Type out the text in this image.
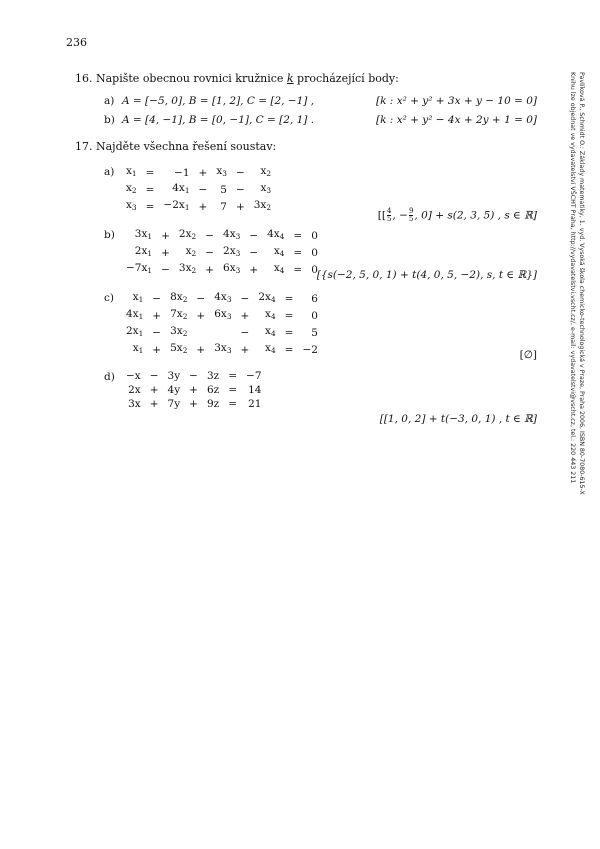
236
16. Napište obecnou rovnici kružnice k procházející body:
a) A = [−5, 0], B = [1, 2], C = [2, −1] ,	[k : x² + y² + 3x + y − 10 = 0]
b) A = [4, −1], B = [0, −1], C = [2, 1] .	[k : x² + y² − 4x + 2y + 1 = 0]
17. Najděte všechna řešení soustav:
a) $x_1$	=	−1	+	$x_3$	−	$x_2$
$x_2$	=	$4x_1$	−	5	−	$x_3$
$x_3$	=	$-2x_1$	+	7	+	$3x_2$
[[ $\frac{4}{5}$ , − $\frac{9}{5}$ , 0] + s(2, 3, 5) , s ∈ ℝ]
b) $3x_1$	+	$2x_2$	−	$4x_3$	−	$4x_4$	=	0
$2x_1$	+	$x_2$	−	$2x_3$	−	$x_4$	=	0
$-7x_1$	−	$3x_2$	+	$6x_3$	+	$x_4$	=	0
[{s(−2, 5, 0, 1) + t(4, 0, 5, −2), s, t ∈ ℝ}]
c) $x_1$	−	$8x_2$	−	$4x_3$	−	$2x_4$	=	6
$4x_1$	+	$7x_2$	+	$6x_3$	+	$x_4$	=	0
$2x_1$	−	$3x_2$			−	$x_4$	=	5
$x_1$	+	$5x_2$	+	$3x_3$	+	$x_4$	=	−2	[∅]
d) −x	−	3y	−	3z	=	−7
2x	+	4y	+	6z	=	14
3x	+	7y	+	9z	=	21
[[1, 0, 2] + t(−3, 0, 1) , t ∈ ℝ]	Pavlíková P., Schmidt O.: Základy matematiky, 1. vyd. Vysoká škola chemicko-technologická v Praze, Praha 2006, ISBN 80-7080-615-X
Knihu lze objednat ve vydavatelství VŠCHT Praha, http://vydavatelstvi.vscht.cz/, e-mail: vydavatelstvi@vscht.cz, tel.: 220 443 211
